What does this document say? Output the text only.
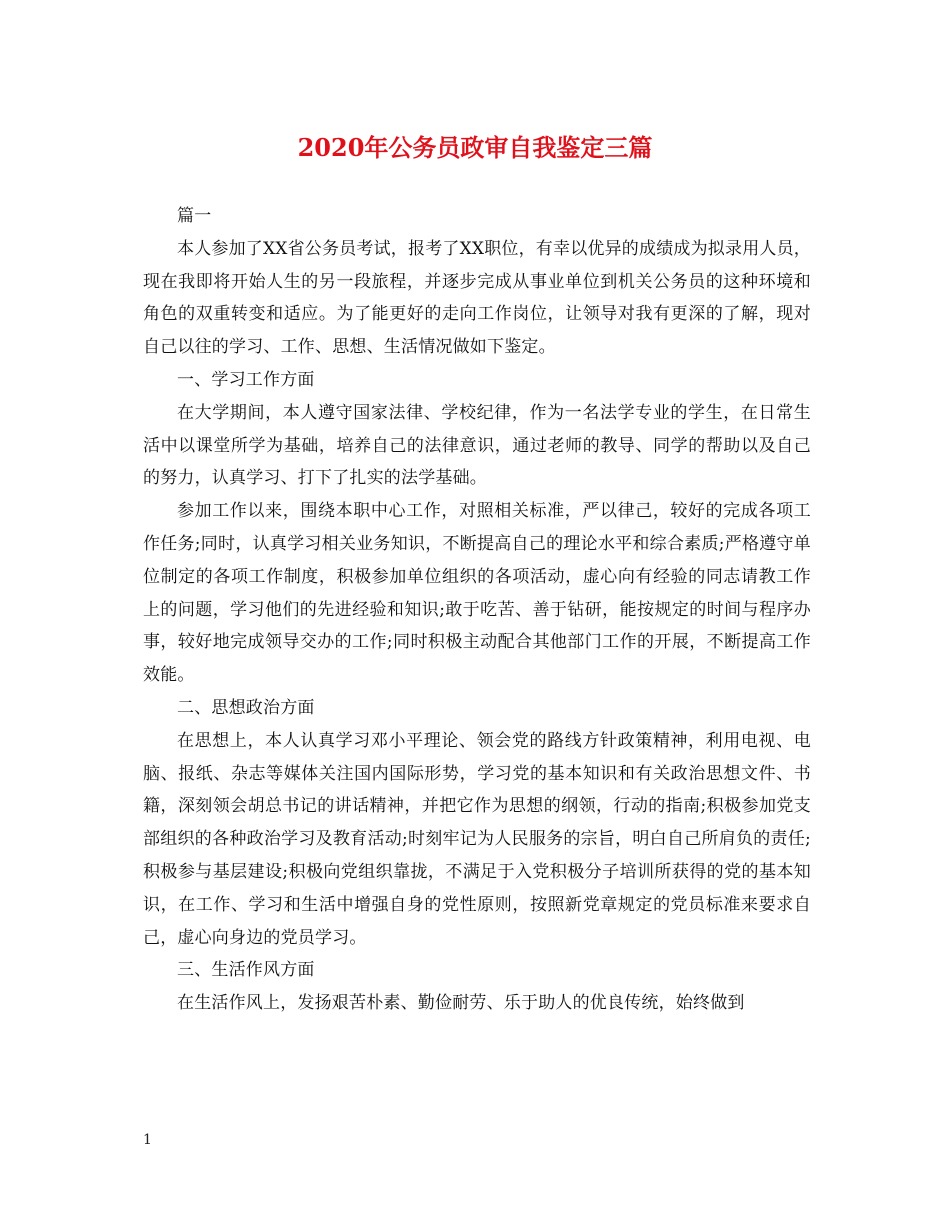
2020年公务员政审自我鉴定三篇

篇一

本人参加了XX省公务员考试，报考了XX职位，有幸以优异的成绩成为拟录用人员，现在我即将开始人生的另一段旅程，并逐步完成从事业单位到机关公务员的这种环境和角色的双重转变和适应。为了能更好的走向工作岗位，让领导对我有更深的了解，现对自己以往的学习、工作、思想、生活情况做如下鉴定。

一、学习工作方面

在大学期间，本人遵守国家法律、学校纪律，作为一名法学专业的学生，在日常生活中以课堂所学为基础，培养自己的法律意识，通过老师的教导、同学的帮助以及自己的努力，认真学习、打下了扎实的法学基础。

参加工作以来，围绕本职中心工作，对照相关标准，严以律己，较好的完成各项工作任务;同时，认真学习相关业务知识，不断提高自己的理论水平和综合素质;严格遵守单位制定的各项工作制度，积极参加单位组织的各项活动，虚心向有经验的同志请教工作上的问题，学习他们的先进经验和知识;敢于吃苦、善于钻研，能按规定的时间与程序办事，较好地完成领导交办的工作;同时积极主动配合其他部门工作的开展，不断提高工作效能。

二、思想政治方面

在思想上，本人认真学习邓小平理论、领会党的路线方针政策精神，利用电视、电脑、报纸、杂志等媒体关注国内国际形势，学习党的基本知识和有关政治思想文件、书籍，深刻领会胡总书记的讲话精神，并把它作为思想的纲领，行动的指南;积极参加党支部组织的各种政治学习及教育活动;时刻牢记为人民服务的宗旨，明白自己所肩负的责任;积极参与基层建设;积极向党组织靠拢，不满足于入党积极分子培训所获得的党的基本知识，在工作、学习和生活中增强自身的党性原则，按照新党章规定的党员标准来要求自己，虚心向身边的党员学习。

三、生活作风方面

在生活作风上，发扬艰苦朴素、勤俭耐劳、乐于助人的优良传统，始终做到

1
